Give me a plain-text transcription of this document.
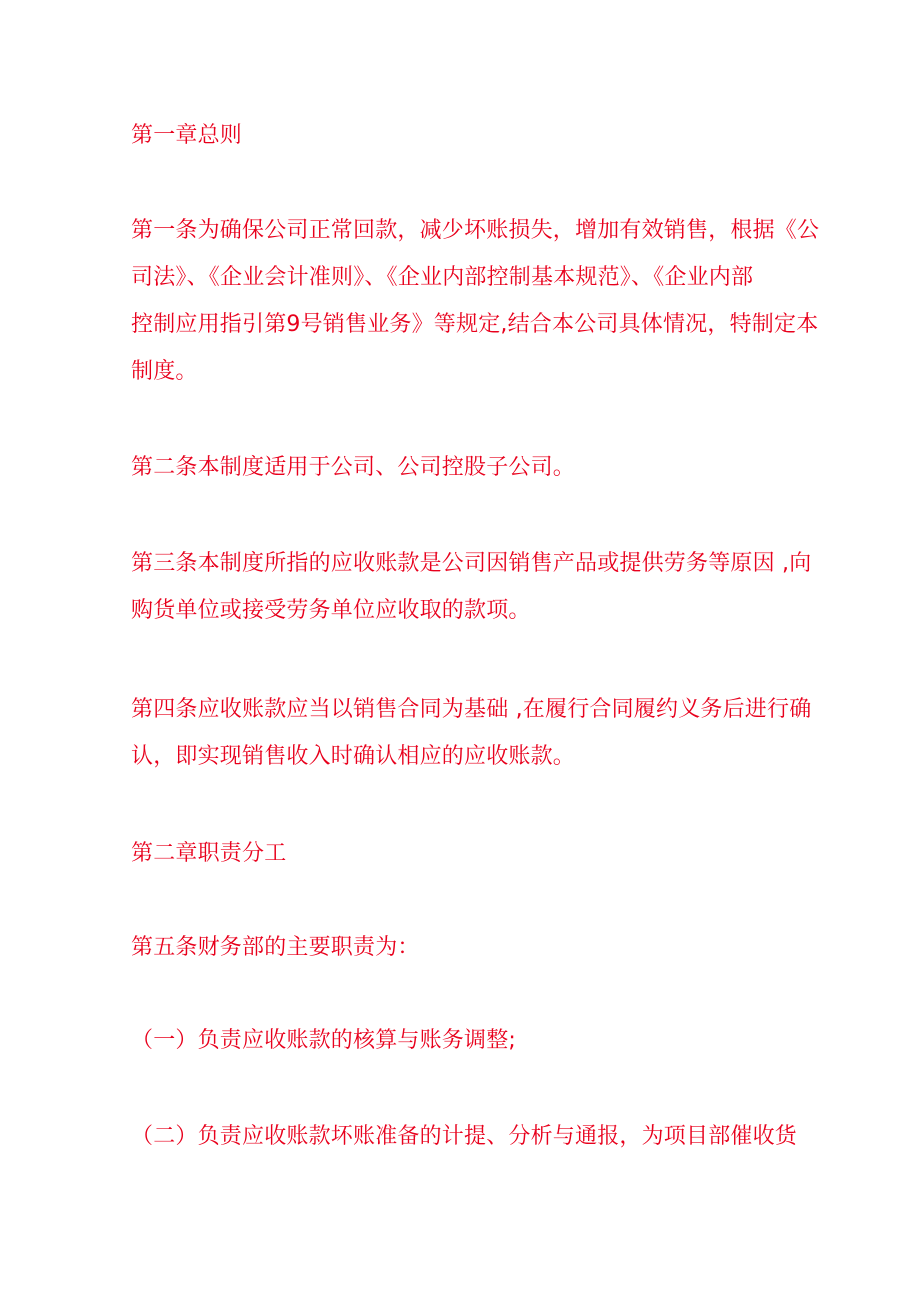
第一章总则
第一条为确保公司正常回款，减少坏账损失，增加有效销售，根据《公
司法》、《企业会计准则》、《企业内部控制基本规范》、《企业内部
控制应用指引第9号销售业务》等规定,结合本公司具体情况，特制定本
制度。
第二条本制度适用于公司、公司控股子公司。
第三条本制度所指的应收账款是公司因销售产品或提供劳务等原因 ,向
购货单位或接受劳务单位应收取的款项。
第四条应收账款应当以销售合同为基础 ,在履行合同履约义务后进行确
认，即实现销售收入时确认相应的应收账款。
第二章职责分工
第五条财务部的主要职责为：
（一）负责应收账款的核算与账务调整;
（二）负责应收账款坏账准备的计提、分析与通报，为项目部催收货
